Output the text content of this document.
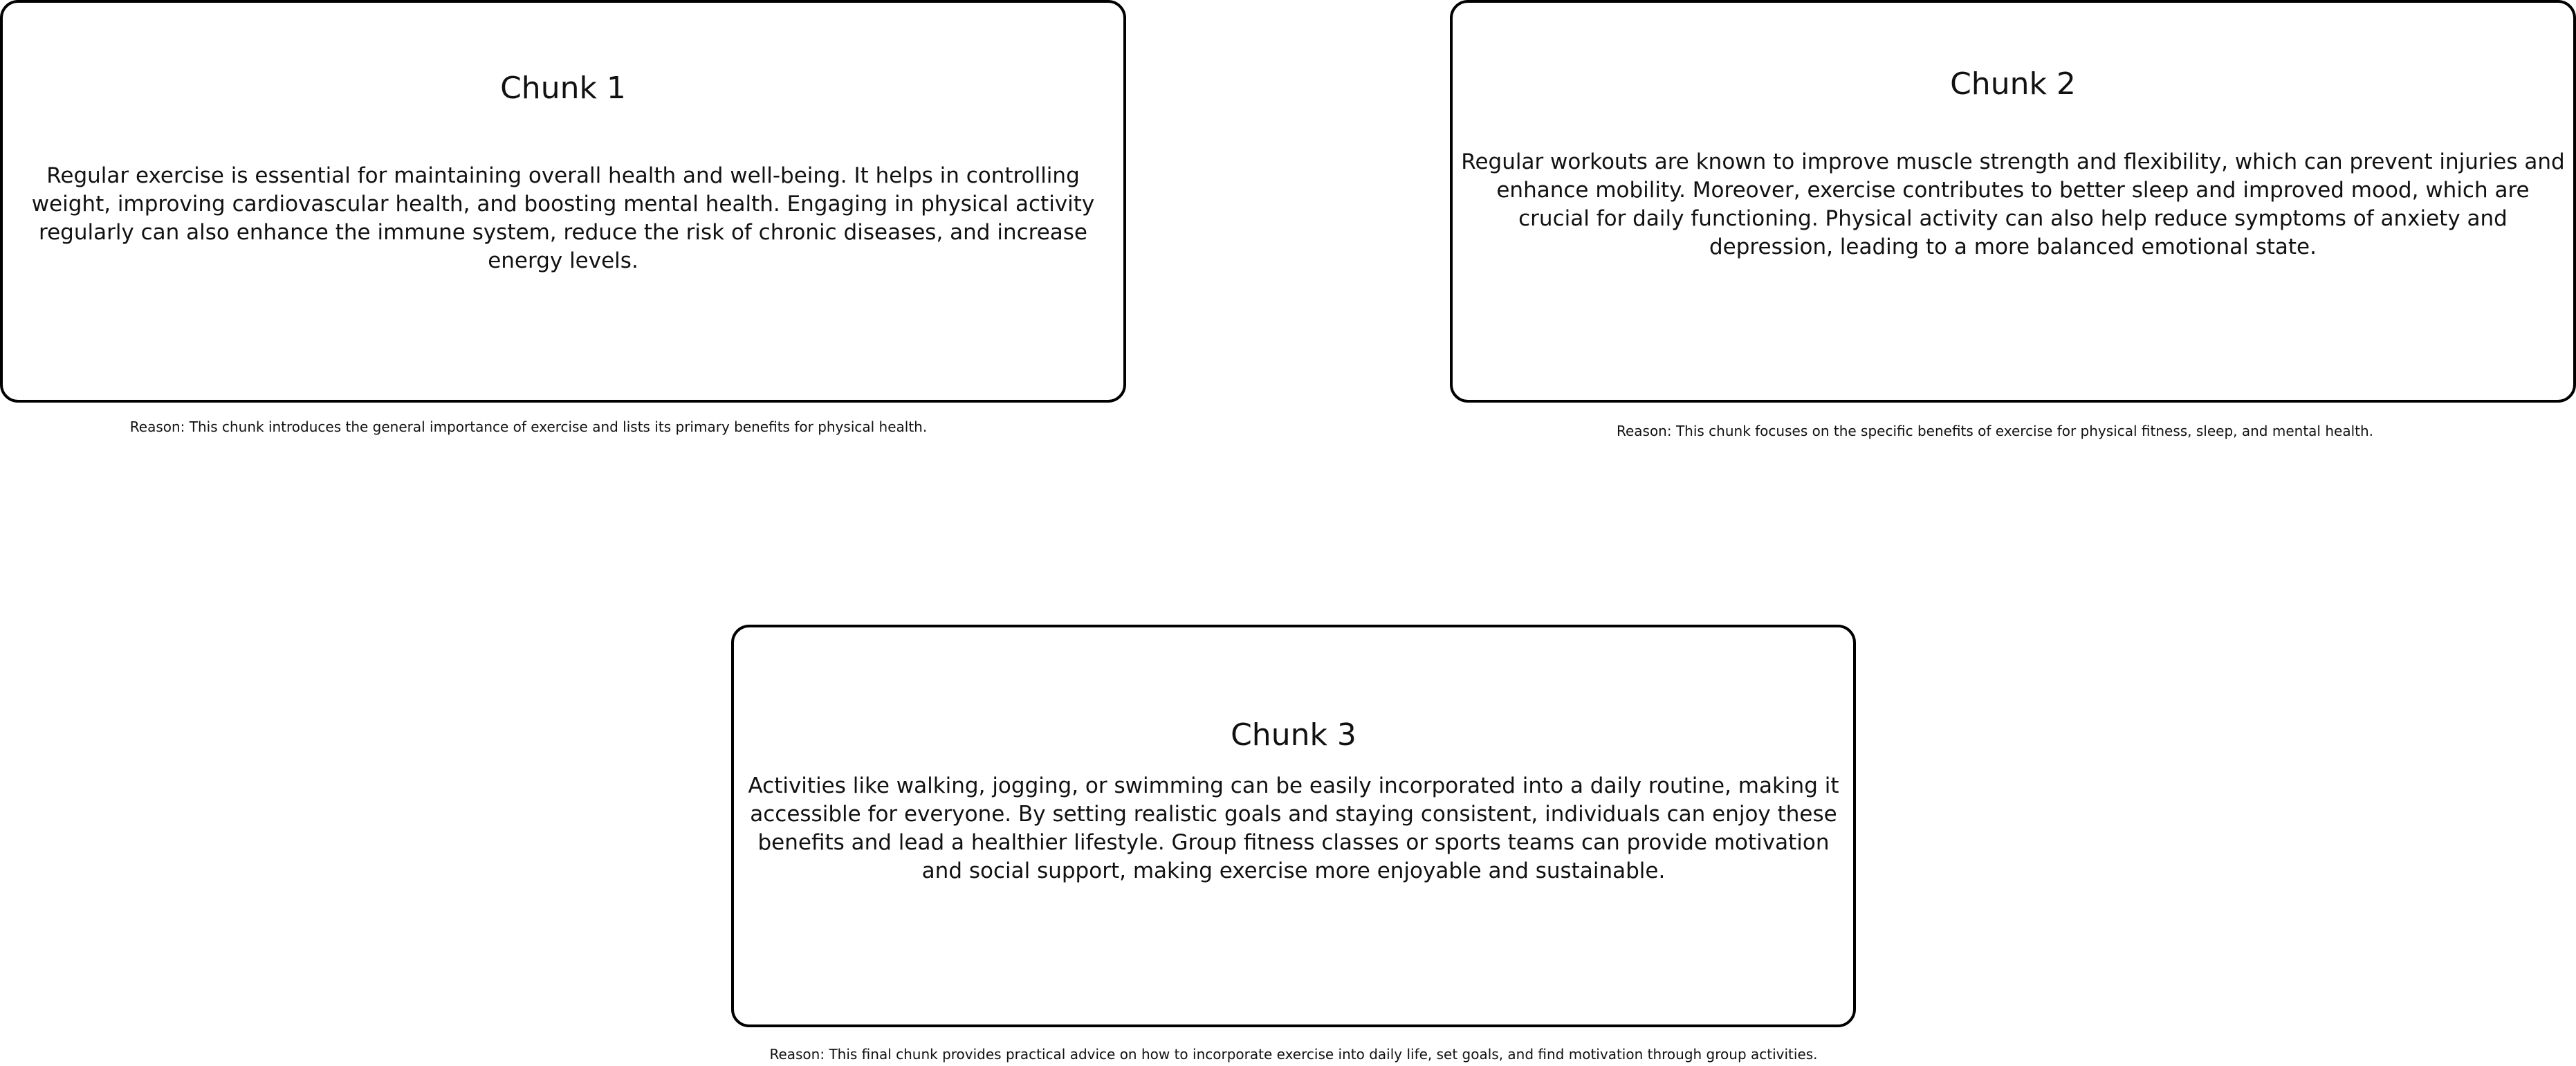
Chunk 1

Regular exercise is essential for maintaining overall health and well-being. It helps in controlling weight, improving cardiovascular health, and boosting mental health. Engaging in physical activity regularly can also enhance the immune system, reduce the risk of chronic diseases, and increase energy levels.

Reason: This chunk introduces the general importance of exercise and lists its primary benefits for physical health.

Chunk 2

Regular workouts are known to improve muscle strength and flexibility, which can prevent injuries and enhance mobility. Moreover, exercise contributes to better sleep and improved mood, which are crucial for daily functioning. Physical activity can also help reduce symptoms of anxiety and depression, leading to a more balanced emotional state.

Reason: This chunk focuses on the specific benefits of exercise for physical fitness, sleep, and mental health.

Chunk 3

Activities like walking, jogging, or swimming can be easily incorporated into a daily routine, making it accessible for everyone. By setting realistic goals and staying consistent, individuals can enjoy these benefits and lead a healthier lifestyle. Group fitness classes or sports teams can provide motivation and social support, making exercise more enjoyable and sustainable.

Reason: This final chunk provides practical advice on how to incorporate exercise into daily life, set goals, and find motivation through group activities.
